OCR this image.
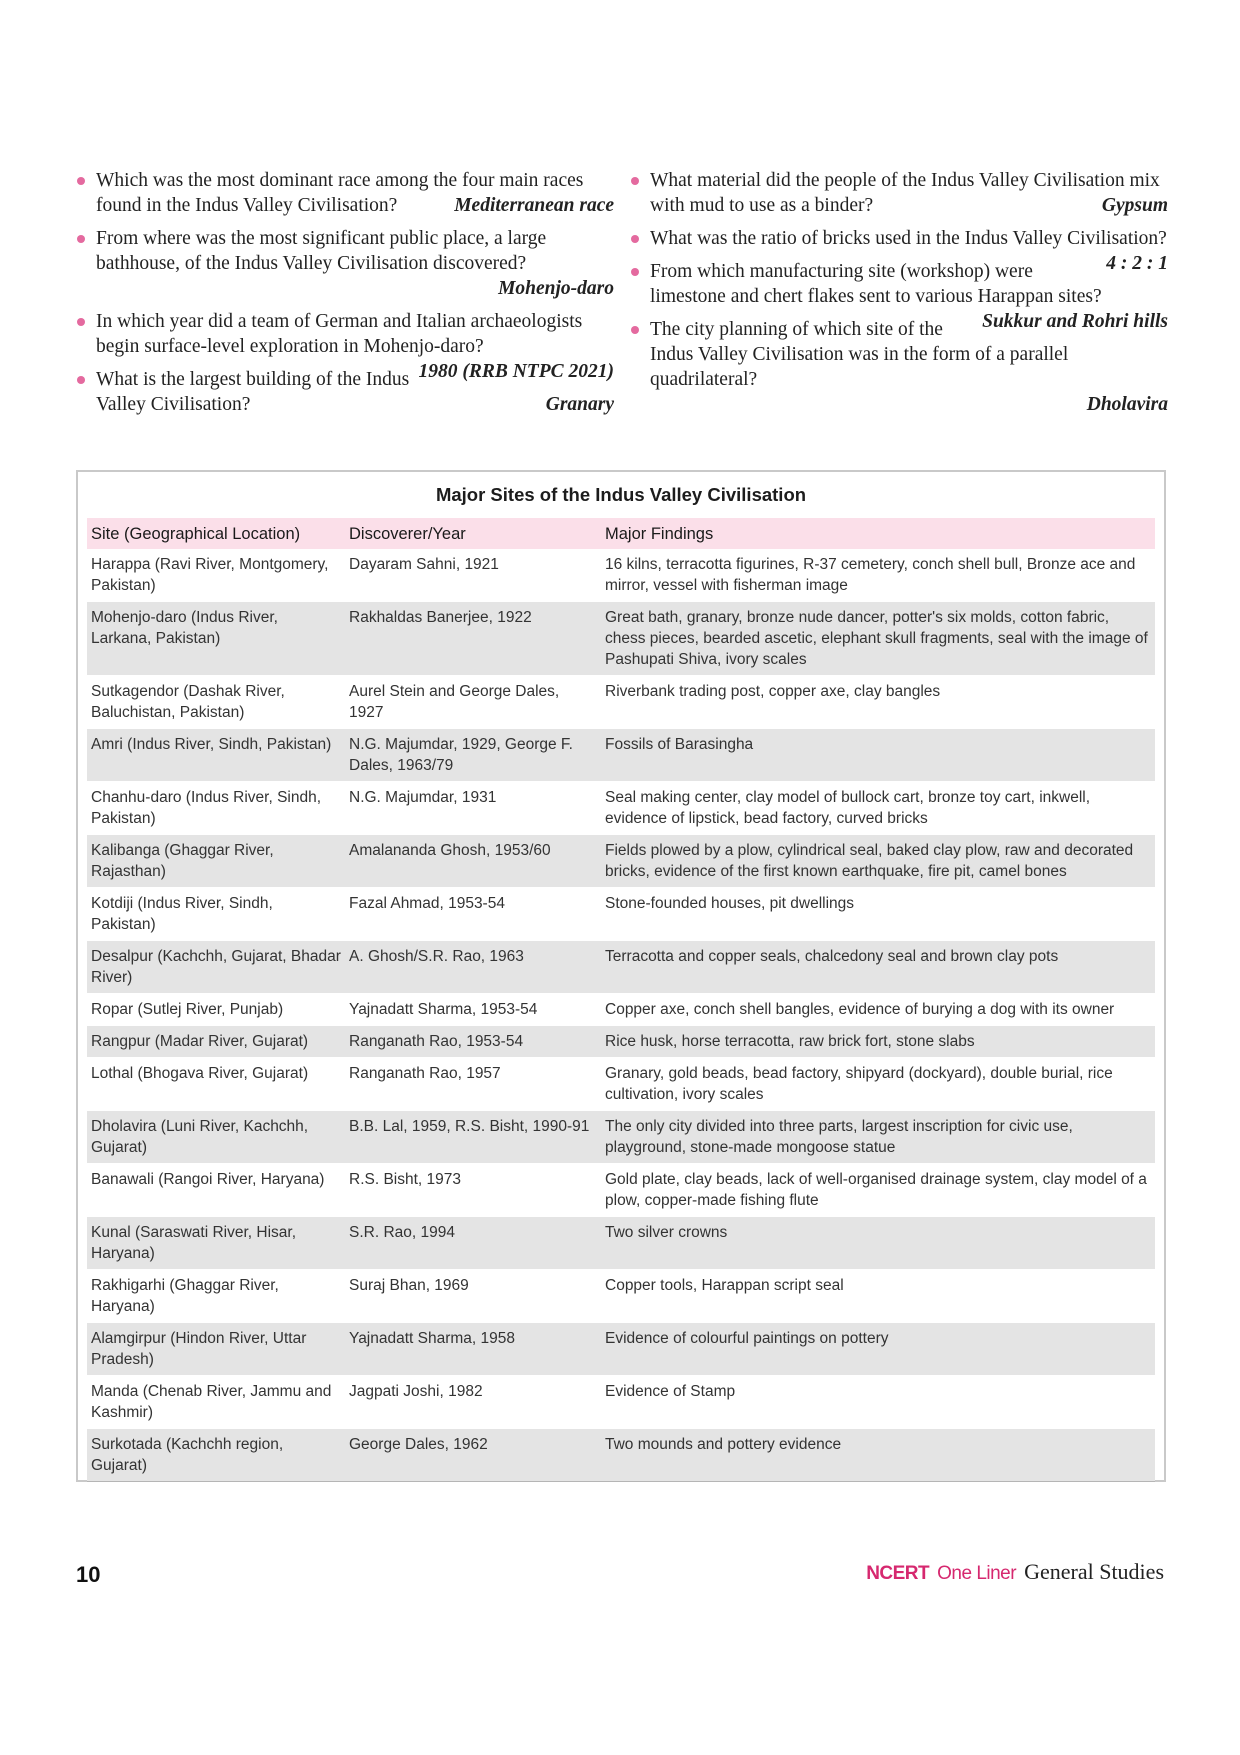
Which was the most dominant race among the four main races found in the Indus Valley Civilisation?	Mediterranean race
From where was the most significant public place, a large bathhouse, of the Indus Valley Civilisation discovered?
Mohenjo-daro
In which year did a team of German and Italian archaeologists begin surface-level exploration in Mohenjo-daro?
1980 (RRB NTPC 2021)
What is the largest building of the Indus Valley Civilisation?	Granary
What material did the people of the Indus Valley Civilisation mix with mud to use as a binder?	Gypsum
What was the ratio of bricks used in the Indus Valley Civilisation?
4 : 2 : 1
From which manufacturing site (workshop) were limestone and chert flakes sent to various Harappan sites?
Sukkur and Rohri hills
The city planning of which site of the Indus Valley Civilisation was in the form of a parallel quadrilateral?
Dholavira
Major Sites of the Indus Valley Civilisation
Site (Geographical Location)	Discoverer/Year	Major Findings
Harappa (Ravi River, Montgomery, Pakistan)	Dayaram Sahni, 1921	16 kilns, terracotta figurines, R-37 cemetery, conch shell bull, Bronze ace and mirror, vessel with fisherman image
Mohenjo-daro (Indus River, Larkana, Pakistan)	Rakhaldas Banerjee, 1922	Great bath, granary, bronze nude dancer, potter's six molds, cotton fabric, chess pieces, bearded ascetic, elephant skull fragments, seal with the image of Pashupati Shiva, ivory scales
Sutkagendor (Dashak River, Baluchistan, Pakistan)	Aurel Stein and George Dales, 1927	Riverbank trading post, copper axe, clay bangles
Amri (Indus River, Sindh, Pakistan)	N.G. Majumdar, 1929, George F. Dales, 1963/79	Fossils of Barasingha
Chanhu-daro (Indus River, Sindh, Pakistan)	N.G. Majumdar, 1931	Seal making center, clay model of bullock cart, bronze toy cart, inkwell, evidence of lipstick, bead factory, curved bricks
Kalibanga (Ghaggar River, Rajasthan)	Amalananda Ghosh, 1953/60	Fields plowed by a plow, cylindrical seal, baked clay plow, raw and decorated bricks, evidence of the first known earthquake, fire pit, camel bones
Kotdiji (Indus River, Sindh, Pakistan)	Fazal Ahmad, 1953-54	Stone-founded houses, pit dwellings
Desalpur (Kachchh, Gujarat, Bhadar River)	A. Ghosh/S.R. Rao, 1963	Terracotta and copper seals, chalcedony seal and brown clay pots
Ropar (Sutlej River, Punjab)	Yajnadatt Sharma, 1953-54	Copper axe, conch shell bangles, evidence of burying a dog with its owner
Rangpur (Madar River, Gujarat)	Ranganath Rao, 1953-54	Rice husk, horse terracotta, raw brick fort, stone slabs
Lothal (Bhogava River, Gujarat)	Ranganath Rao, 1957	Granary, gold beads, bead factory, shipyard (dockyard), double burial, rice cultivation, ivory scales
Dholavira (Luni River, Kachchh, Gujarat)	B.B. Lal, 1959, R.S. Bisht, 1990-91	The only city divided into three parts, largest inscription for civic use, playground, stone-made mongoose statue
Banawali (Rangoi River, Haryana)	R.S. Bisht, 1973	Gold plate, clay beads, lack of well-organised drainage system, clay model of a plow, copper-made fishing flute
Kunal (Saraswati River, Hisar, Haryana)	S.R. Rao, 1994	Two silver crowns
Rakhigarhi (Ghaggar River, Haryana)	Suraj Bhan, 1969	Copper tools, Harappan script seal
Alamgirpur (Hindon River, Uttar Pradesh)	Yajnadatt Sharma, 1958	Evidence of colourful paintings on pottery
Manda (Chenab River, Jammu and Kashmir)	Jagpati Joshi, 1982	Evidence of Stamp
Surkotada (Kachchh region, Gujarat)	George Dales, 1962	Two mounds and pottery evidence
10	NCERT One Liner General Studies
